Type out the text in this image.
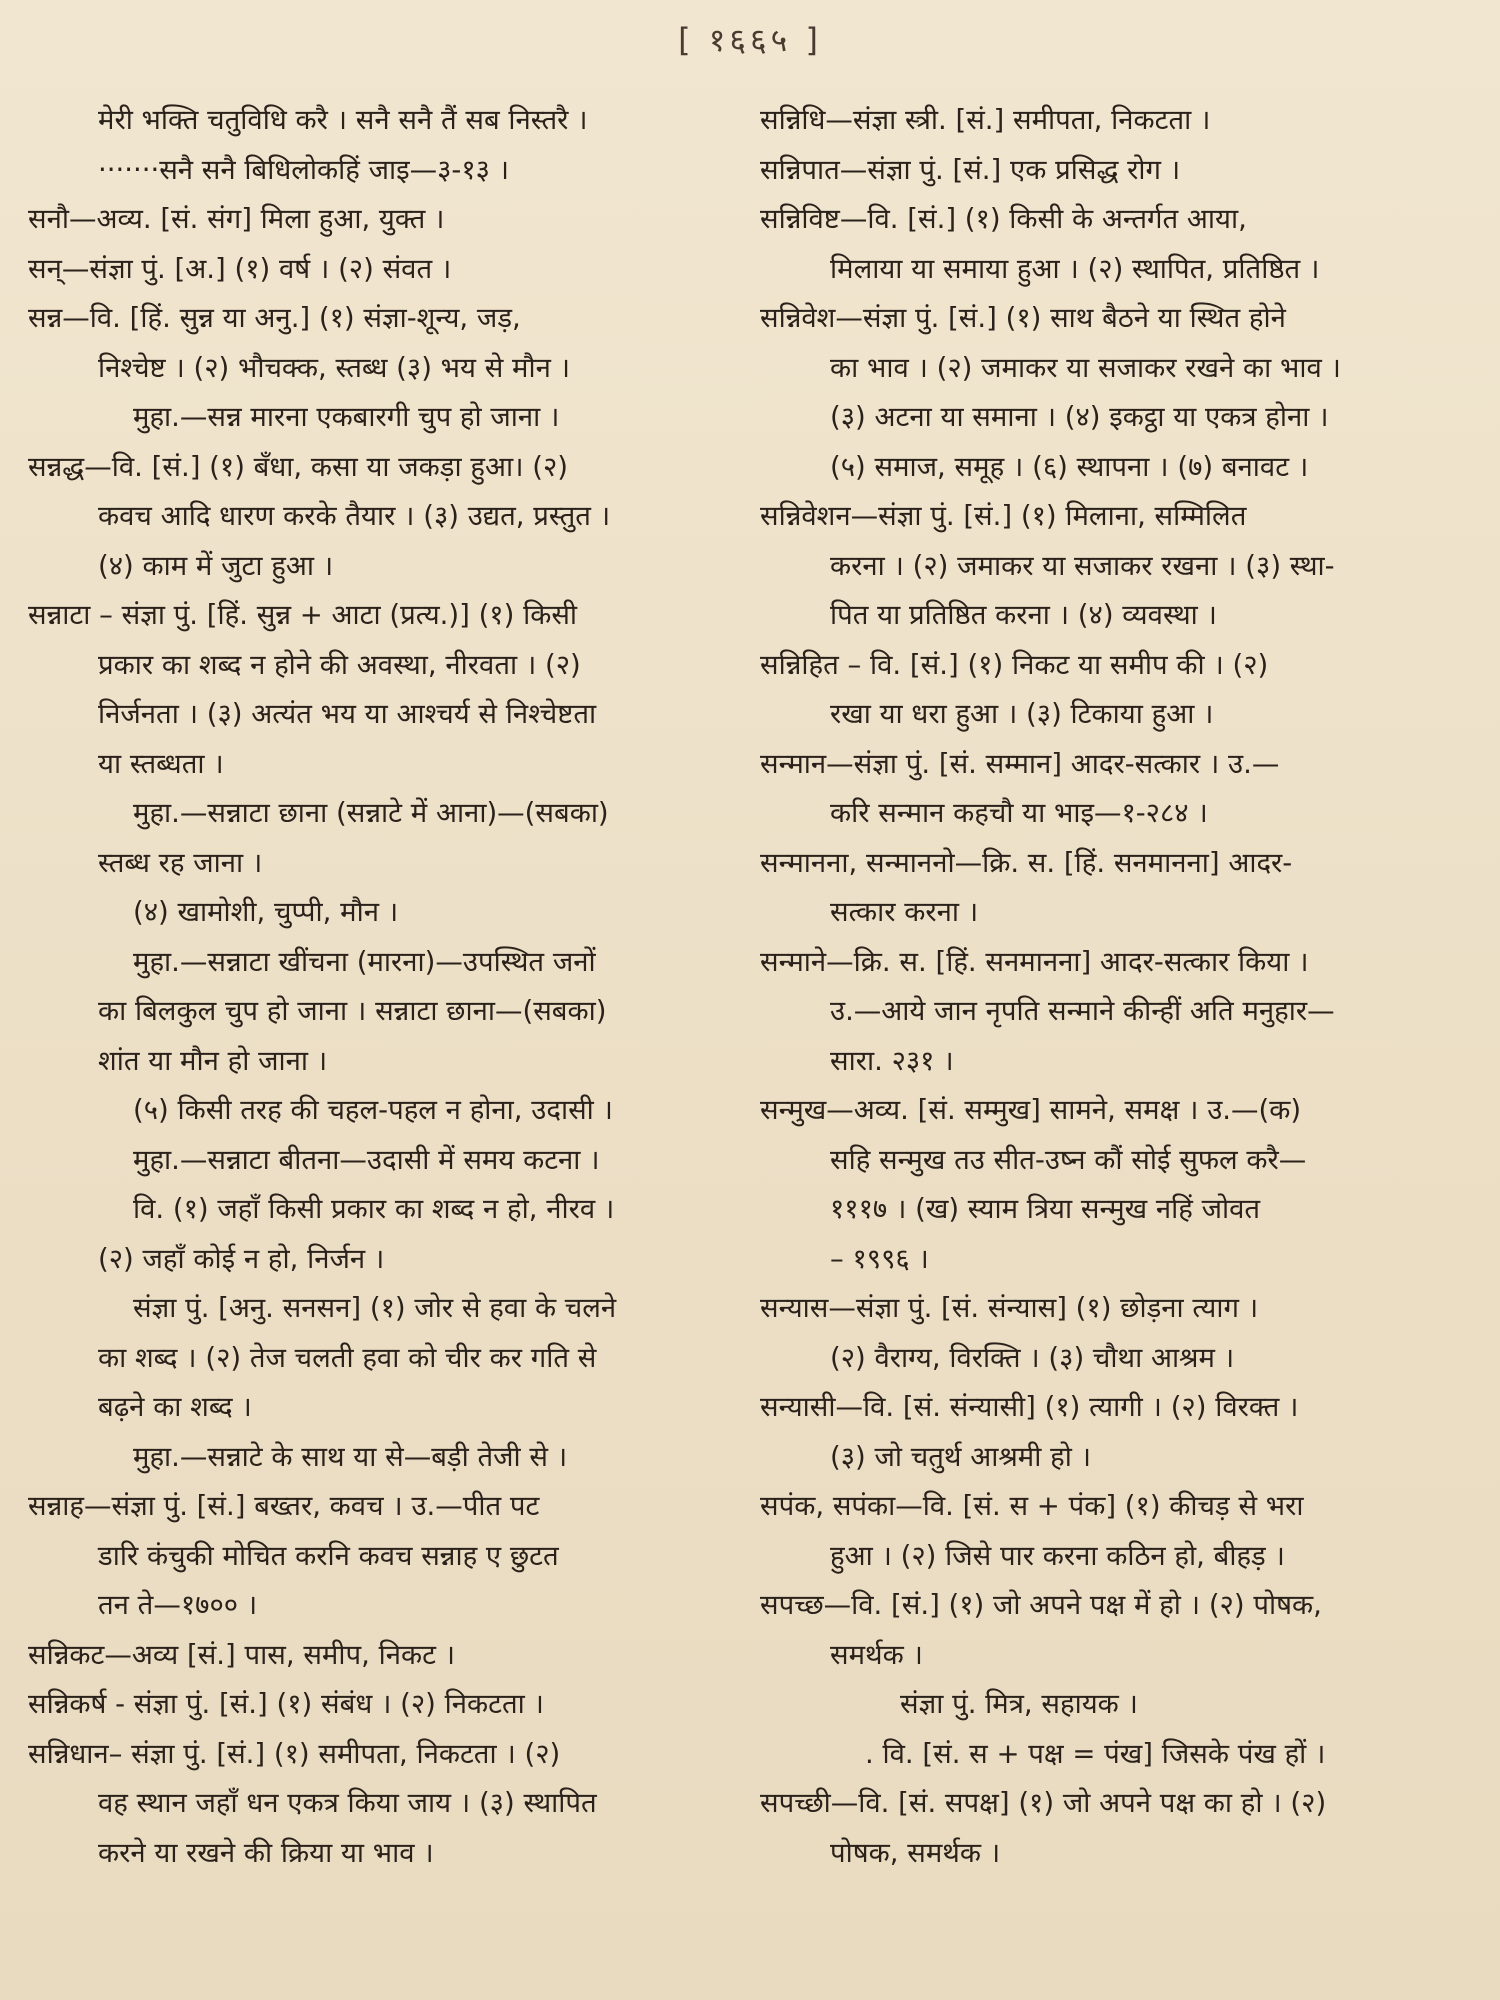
[ १६६५ ]
मेरी भक्ति चतुविधि करै । सनै सनै तैं सब निस्तरै ।
·······सनै सनै बिधिलोकहिं जाइ—३-१३ ।
सनौ—अव्य. [सं. संग] मिला हुआ, युक्त ।
सन्—संज्ञा पुं. [अ.] (१) वर्ष । (२) संवत ।
सन्न—वि. [हिं. सुन्न या अनु.] (१) संज्ञा-शून्य, जड़,
निश्चेष्ट । (२) भौचक्क, स्तब्ध (३) भय से मौन ।
मुहा.—सन्न मारना एकबारगी चुप हो जाना ।
सन्नद्ध—वि. [सं.] (१) बँधा, कसा या जकड़ा हुआ। (२)
कवच आदि धारण करके तैयार । (३) उद्यत, प्रस्तुत ।
(४) काम में जुटा हुआ ।
सन्नाटा – संज्ञा पुं. [हिं. सुन्न + आटा (प्रत्य.)] (१) किसी
प्रकार का शब्द न होने की अवस्था, नीरवता । (२)
निर्जनता । (३) अत्यंत भय या आश्चर्य से निश्चेष्टता
या स्तब्धता ।
मुहा.—सन्नाटा छाना (सन्नाटे में आना)—(सबका)
स्तब्ध रह जाना ।
(४) खामोशी, चुप्पी, मौन ।
मुहा.—सन्नाटा खींचना (मारना)—उपस्थित जनों
का बिलकुल चुप हो जाना । सन्नाटा छाना—(सबका)
शांत या मौन हो जाना ।
(५) किसी तरह की चहल-पहल न होना, उदासी ।
मुहा.—सन्नाटा बीतना—उदासी में समय कटना ।
वि. (१) जहाँ किसी प्रकार का शब्द न हो, नीरव ।
(२) जहाँ कोई न हो, निर्जन ।
संज्ञा पुं. [अनु. सनसन] (१) जोर से हवा के चलने
का शब्द । (२) तेज चलती हवा को चीर कर गति से
बढ़ने का शब्द ।
मुहा.—सन्नाटे के साथ या से—बड़ी तेजी से ।
सन्नाह—संज्ञा पुं. [सं.] बख्तर, कवच । उ.—पीत पट
डारि कंचुकी मोचित करनि कवच सन्नाह ए छुटत
तन ते—१७०० ।
सन्निकट—अव्य [सं.] पास, समीप, निकट ।
सन्निकर्ष - संज्ञा पुं. [सं.] (१) संबंध । (२) निकटता ।
सन्निधान– संज्ञा पुं. [सं.] (१) समीपता, निकटता । (२)
वह स्थान जहाँ धन एकत्र किया जाय । (३) स्थापित
करने या रखने की क्रिया या भाव ।
सन्निधि—संज्ञा स्त्री. [सं.] समीपता, निकटता ।
सन्निपात—संज्ञा पुं. [सं.] एक प्रसिद्ध रोग ।
सन्निविष्ट—वि. [सं.] (१) किसी के अन्तर्गत आया,
मिलाया या समाया हुआ । (२) स्थापित, प्रतिष्ठित ।
सन्निवेश—संज्ञा पुं. [सं.] (१) साथ बैठने या स्थित होने
का भाव । (२) जमाकर या सजाकर रखने का भाव ।
(३) अटना या समाना । (४) इकट्ठा या एकत्र होना ।
(५) समाज, समूह । (६) स्थापना । (७) बनावट ।
सन्निवेशन—संज्ञा पुं. [सं.] (१) मिलाना, सम्मिलित
करना । (२) जमाकर या सजाकर रखना । (३) स्था-
पित या प्रतिष्ठित करना । (४) व्यवस्था ।
सन्निहित – वि. [सं.] (१) निकट या समीप की । (२)
रखा या धरा हुआ । (३) टिकाया हुआ ।
सन्मान—संज्ञा पुं. [सं. सम्मान] आदर-सत्कार । उ.—
करि सन्मान कहचौ या भाइ—१-२८४ ।
सन्मानना, सन्माननो—क्रि. स. [हिं. सनमानना] आदर-
सत्कार करना ।
सन्माने—क्रि. स. [हिं. सनमानना] आदर-सत्कार किया ।
उ.—आये जान नृपति सन्माने कीन्हीं अति मनुहार—
सारा. २३१ ।
सन्मुख—अव्य. [सं. सम्मुख] सामने, समक्ष । उ.—(क)
सहि सन्मुख तउ सीत-उष्न कौं सोई सुफल करै—
१११७ । (ख) स्याम त्रिया सन्मुख नहिं जोवत
– १९९६ ।
सन्यास—संज्ञा पुं. [सं. संन्यास] (१) छोड़ना त्याग ।
(२) वैराग्य, विरक्ति । (३) चौथा आश्रम ।
सन्यासी—वि. [सं. संन्यासी] (१) त्यागी । (२) विरक्त ।
(३) जो चतुर्थ आश्रमी हो ।
सपंक, सपंका—वि. [सं. स + पंक] (१) कीचड़ से भरा
हुआ । (२) जिसे पार करना कठिन हो, बीहड़ ।
सपच्छ—वि. [सं.] (१) जो अपने पक्ष में हो । (२) पोषक,
समर्थक ।
संज्ञा पुं. मित्र, सहायक ।
. वि. [सं. स + पक्ष = पंख] जिसके पंख हों ।
सपच्छी—वि. [सं. सपक्ष] (१) जो अपने पक्ष का हो । (२)
पोषक, समर्थक ।
